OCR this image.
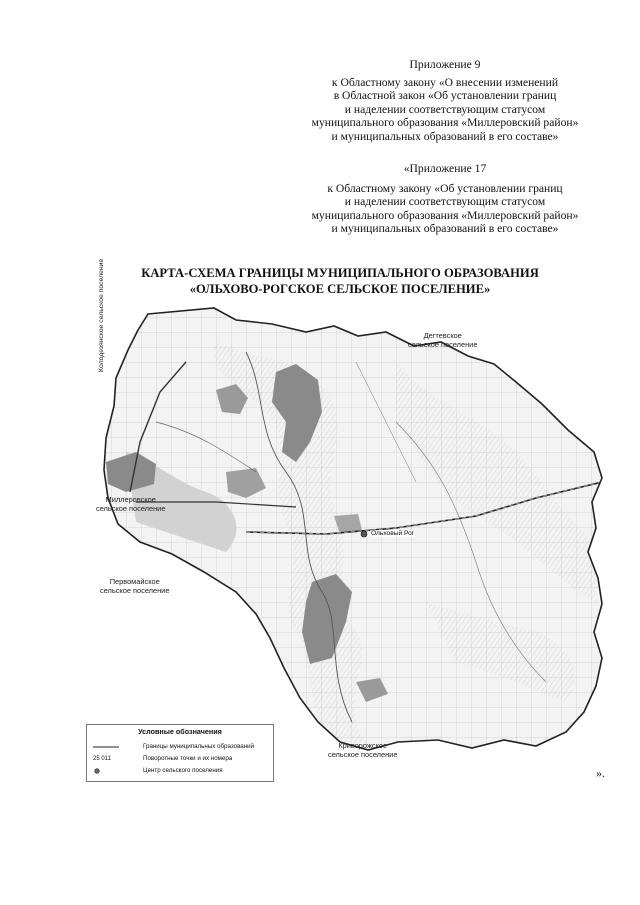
Приложение 9
к Областному закону «О внесении изменений
в Областной закон «Об установлении границ
и наделении соответствующим статусом
муниципального образования «Миллеровский район»
и муниципальных образований в его составе»
«Приложение 17
к Областному закону «Об установлении границ
и наделении соответствующим статусом
муниципального образования «Миллеровский район»
и муниципальных образований в его составе»
КАРТА-СХЕМА ГРАНИЦЫ МУНИЦИПАЛЬНОГО ОБРАЗОВАНИЯ
«ОЛЬХОВО-РОГСКОЕ СЕЛЬСКОЕ ПОСЕЛЕНИЕ»
Дегтевское
сельское поселение
Миллеровское
сельское поселение
Первомайское
сельское поселение
Криворожское
сельское поселение
Колодезянское сельское поселение
Ольховый Рог
Условные обозначения
Границы муниципальных образований
25 011	Поворотные точки и их номера
Центр сельского поселения	».
